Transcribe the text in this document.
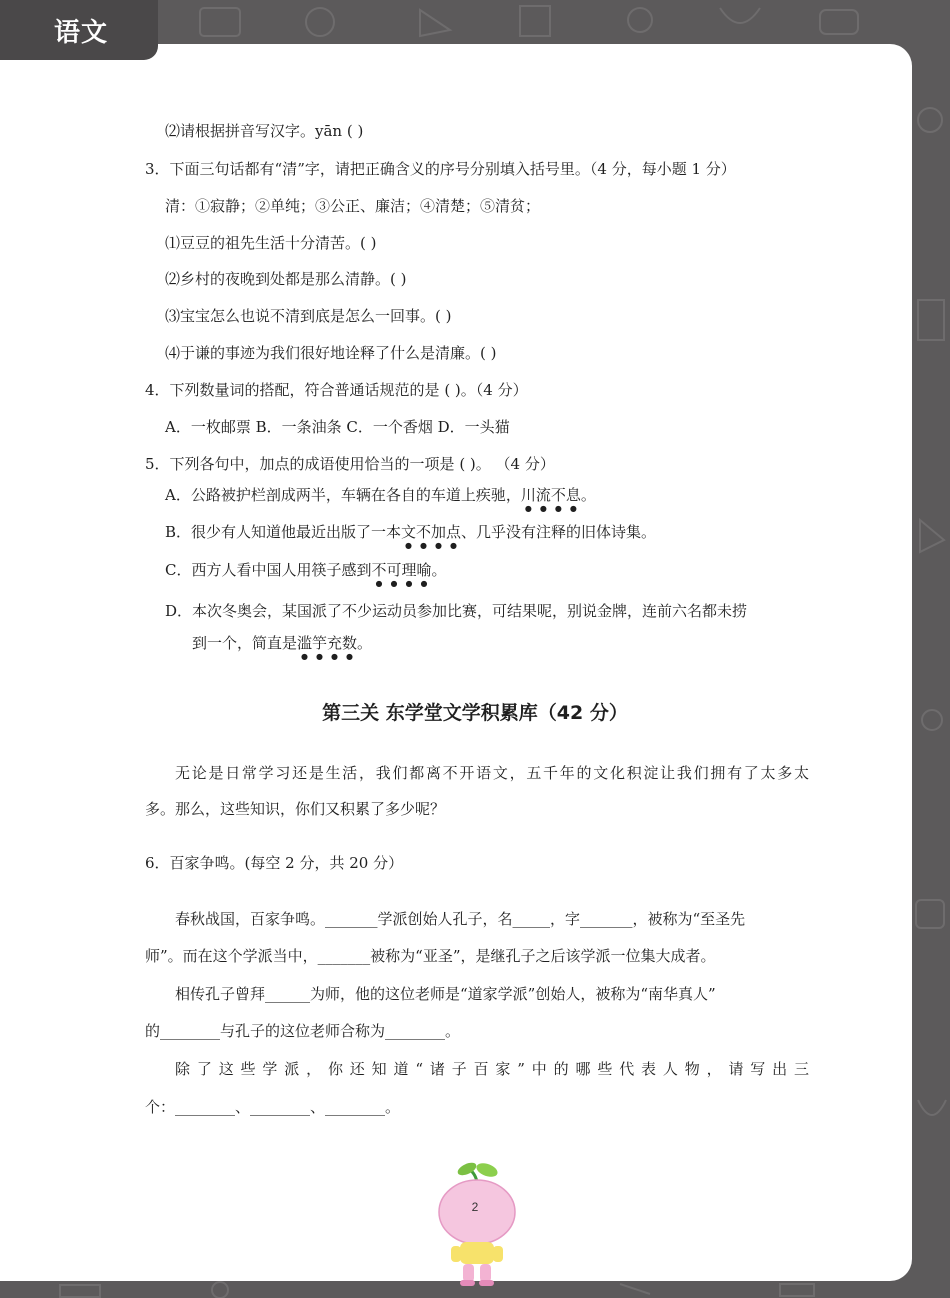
语文
⑵请根据拼音写汉字。yān ( )
3．下面三句话都有“清”字，请把正确含义的序号分别填入括号里。（4 分，每小题 1 分）
清：①寂静；②单纯；③公正、廉洁；④清楚；⑤清贫；
⑴豆豆的祖先生活十分清苦。( )
⑵乡村的夜晚到处都是那么清静。( )
⑶宝宝怎么也说不清到底是怎么一回事。( )
⑷于谦的事迹为我们很好地诠释了什么是清廉。( )
4．下列数量词的搭配，符合普通话规范的是 ( )。（4 分）
A．一枚邮票 B．一条油条 C．一个香烟 D．一头猫
5．下列各句中，加点的成语使用恰当的一项是 ( )。 （4 分）
A．公路被护栏剖成两半，车辆在各自的车道上疾驰，川流不息。
B．很少有人知道他最近出版了一本文不加点、几乎没有注释的旧体诗集。
C．西方人看中国人用筷子感到不可理喻。
D．本次冬奥会，某国派了不少运动员参加比赛，可结果呢，别说金牌，连前六名都未捞
到一个，简直是滥竽充数。
第三关 东学堂文学积累库（42 分）
无论是日常学习还是生活，我们都离不开语文，五千年的文化积淀让我们拥有了太多太
多。那么，这些知识，你们又积累了多少呢？
6．百家争鸣。(每空 2 分，共 20 分）
春秋战国，百家争鸣。_______学派创始人孔子，名_____，字_______，被称为“至圣先
师”。而在这个学派当中，_______被称为“亚圣”，是继孔子之后该学派一位集大成者。
相传孔子曾拜______为师，他的这位老师是“道家学派”创始人，被称为“南华真人”
的________与孔子的这位老师合称为________。
除了这些学派，你还知道“诸子百家”中的哪些代表人物，请写出三
个：________、________、________。
2
